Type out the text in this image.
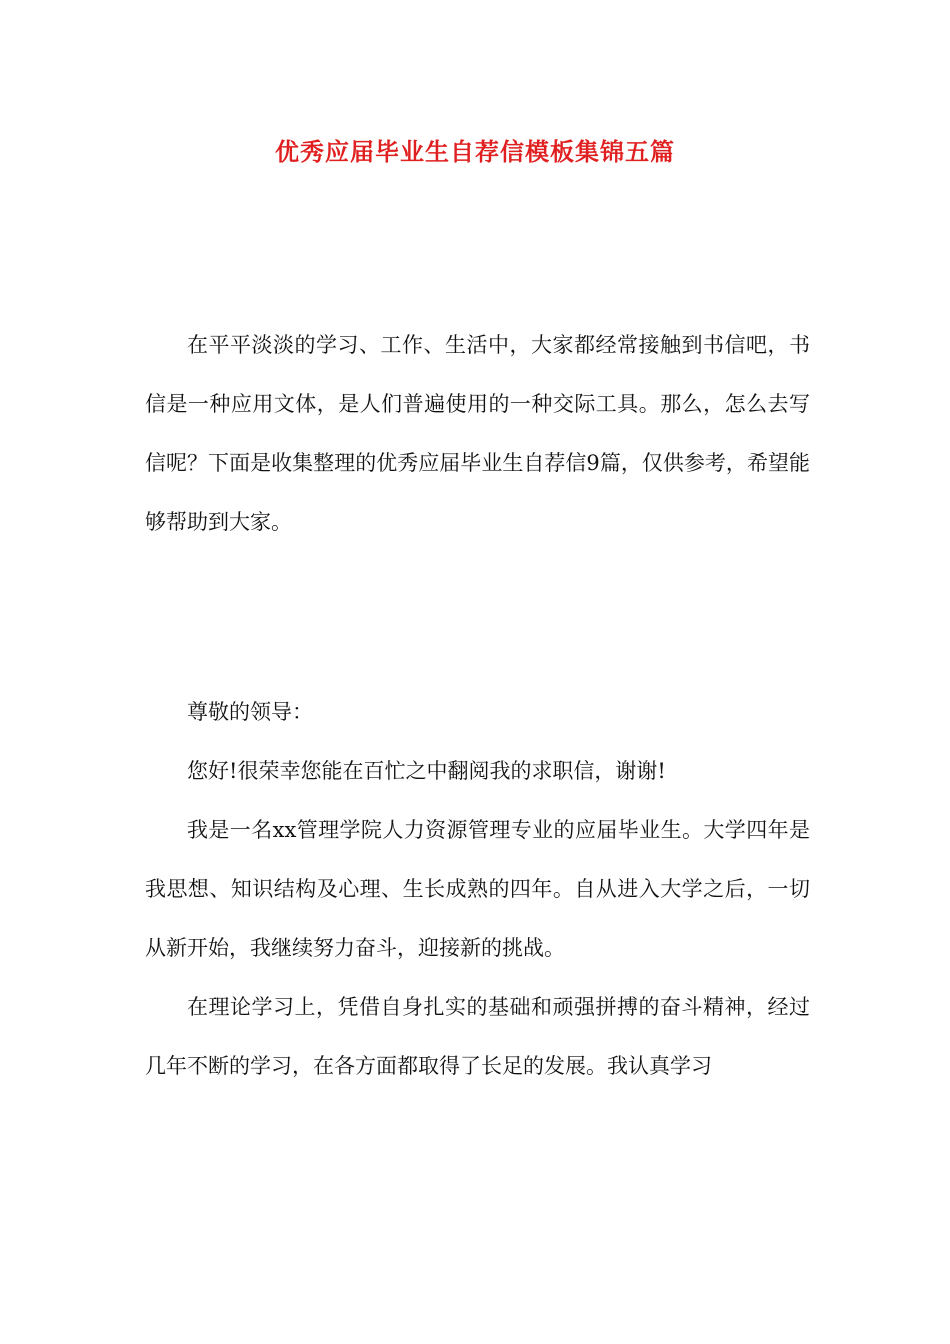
优秀应届毕业生自荐信模板集锦五篇

在平平淡淡的学习、工作、生活中，大家都经常接触到书信吧，书信是一种应用文体，是人们普遍使用的一种交际工具。那么，怎么去写信呢？下面是收集整理的优秀应届毕业生自荐信9篇，仅供参考，希望能够帮助到大家。

尊敬的领导：

您好!很荣幸您能在百忙之中翻阅我的求职信，谢谢!

我是一名xx管理学院人力资源管理专业的应届毕业生。大学四年是我思想、知识结构及心理、生长成熟的四年。自从进入大学之后，一切从新开始，我继续努力奋斗，迎接新的挑战。

在理论学习上，凭借自身扎实的基础和顽强拼搏的奋斗精神，经过几年不断的学习，在各方面都取得了长足的发展。我认真学习
